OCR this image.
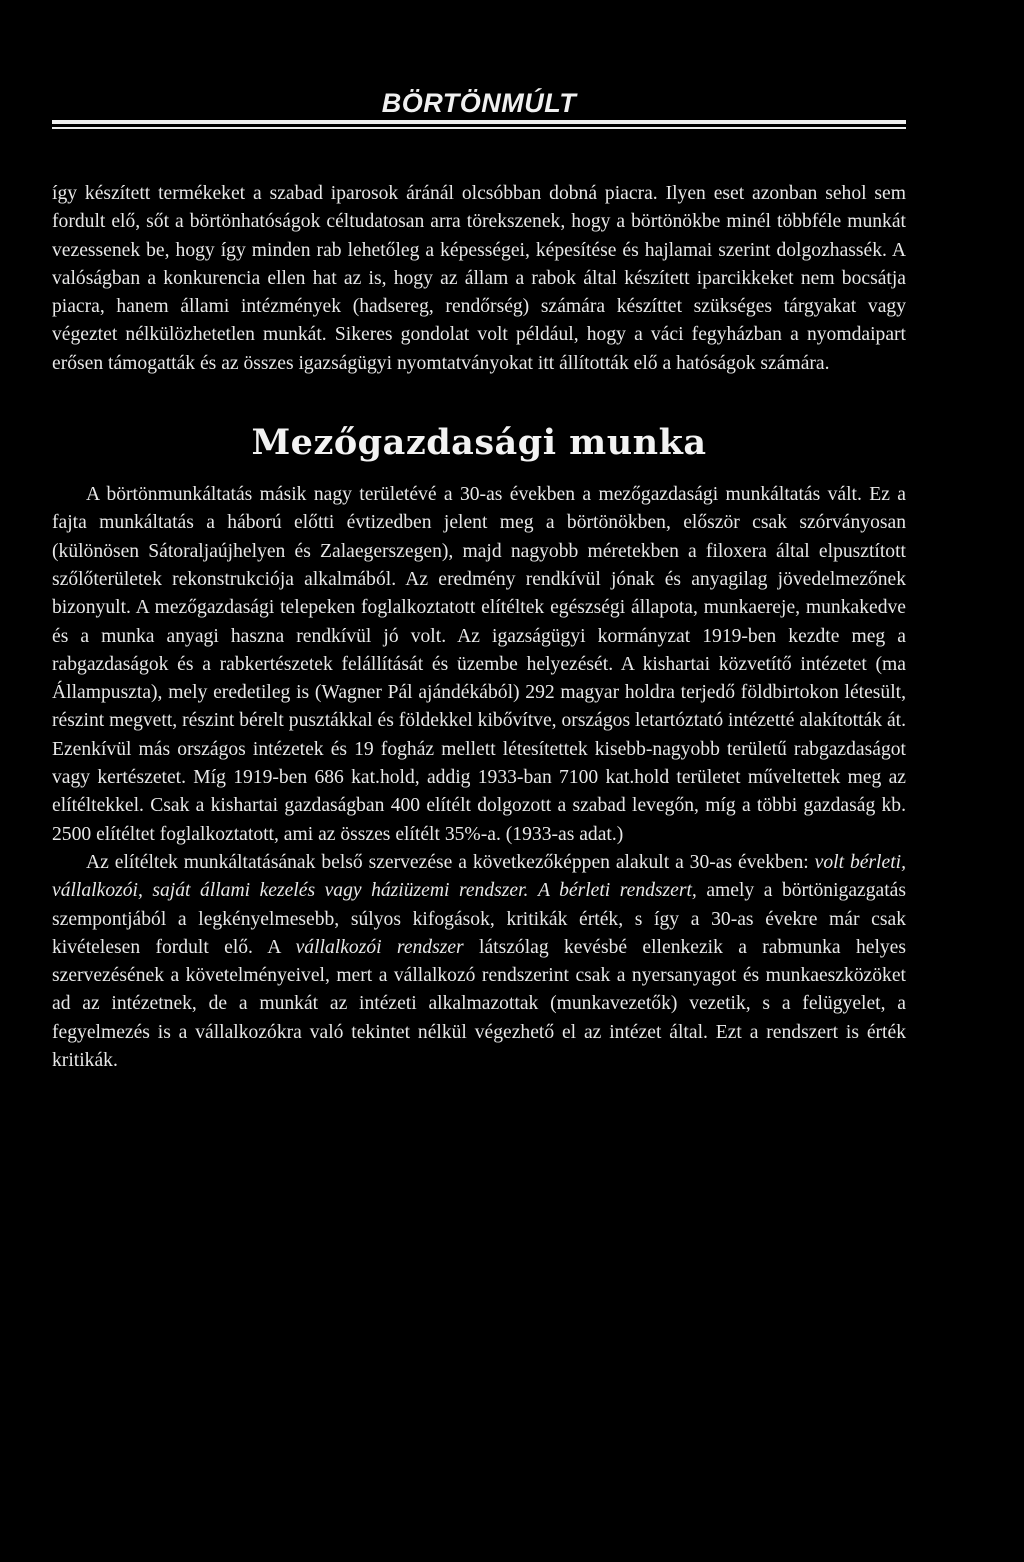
BÖRTÖNMÚLT

így készített termékeket a szabad iparosok áránál olcsóbban dobná piacra. Ilyen eset azonban sehol sem fordult elő, sőt a börtönhatóságok céltudatosan arra törekszenek, hogy a börtönökbe minél többféle munkát vezessenek be, hogy így minden rab lehetőleg a képességei, képesítése és hajlamai szerint dolgozhassék. A valóságban a konkurencia ellen hat az is, hogy az állam a rabok által készített iparcikkeket nem bocsátja piacra, hanem állami intézmények (hadsereg, rendőrség) számára készíttet szükséges tárgyakat vagy végeztet nélkülözhetetlen munkát. Sikeres gondolat volt például, hogy a váci fegyházban a nyomdaipart erősen támogatták és az összes igazságügyi nyomtatványokat itt állították elő a hatóságok számára.

Mezőgazdasági munka

A börtönmunkáltatás másik nagy területévé a 30-as években a mezőgazdasági munkáltatás vált. Ez a fajta munkáltatás a háború előtti évtizedben jelent meg a börtönökben, először csak szórványosan (különösen Sátoraljaújhelyen és Zalaegerszegen), majd nagyobb méretekben a filoxera által elpusztított szőlőterületek rekonstrukciója alkalmából. Az eredmény rendkívül jónak és anyagilag jövedelmezőnek bizonyult. A mezőgazdasági telepeken foglalkoztatott elítéltek egészségi állapota, munkaereje, munkakedve és a munka anyagi haszna rendkívül jó volt. Az igazságügyi kormányzat 1919-ben kezdte meg a rabgazdaságok és a rabkertészetek felállítását és üzembe helyezését. A kishartai közvetítő intézetet (ma Állampuszta), mely eredetileg is (Wagner Pál ajándékából) 292 magyar holdra terjedő földbirtokon létesült, részint megvett, részint bérelt pusztákkal és földekkel kibővítve, országos letartóztató intézetté alakították át. Ezenkívül más országos intézetek és 19 fogház mellett létesítettek kisebb-nagyobb területű rabgazdaságot vagy kertészetet. Míg 1919-ben 686 kat.hold, addig 1933-ban 7100 kat.hold területet műveltettek meg az elítéltekkel. Csak a kishartai gazdaságban 400 elítélt dolgozott a szabad levegőn, míg a többi gazdaság kb. 2500 elítéltet foglalkoztatott, ami az összes elítélt 35%-a. (1933-as adat.)

Az elítéltek munkáltatásának belső szervezése a következőképpen alakult a 30-as években: volt bérleti, vállalkozói, saját állami kezelés vagy háziüzemi rendszer. A bérleti rendszert, amely a börtönigazgatás szempontjából a legkényelmesebb, súlyos kifogások, kritikák érték, s így a 30-as évekre már csak kivételesen fordult elő. A vállalkozói rendszer látszólag kevésbé ellenkezik a rabmunka helyes szervezésének a követelményeivel, mert a vállalkozó rendszerint csak a nyersanyagot és munkaeszközöket ad az intézetnek, de a munkát az intézeti alkalmazottak (munkavezetők) vezetik, s a felügyelet, a fegyelmezés is a vállalkozókra való tekintet nélkül végezhető el az intézet által. Ezt a rendszert is érték kritikák.
